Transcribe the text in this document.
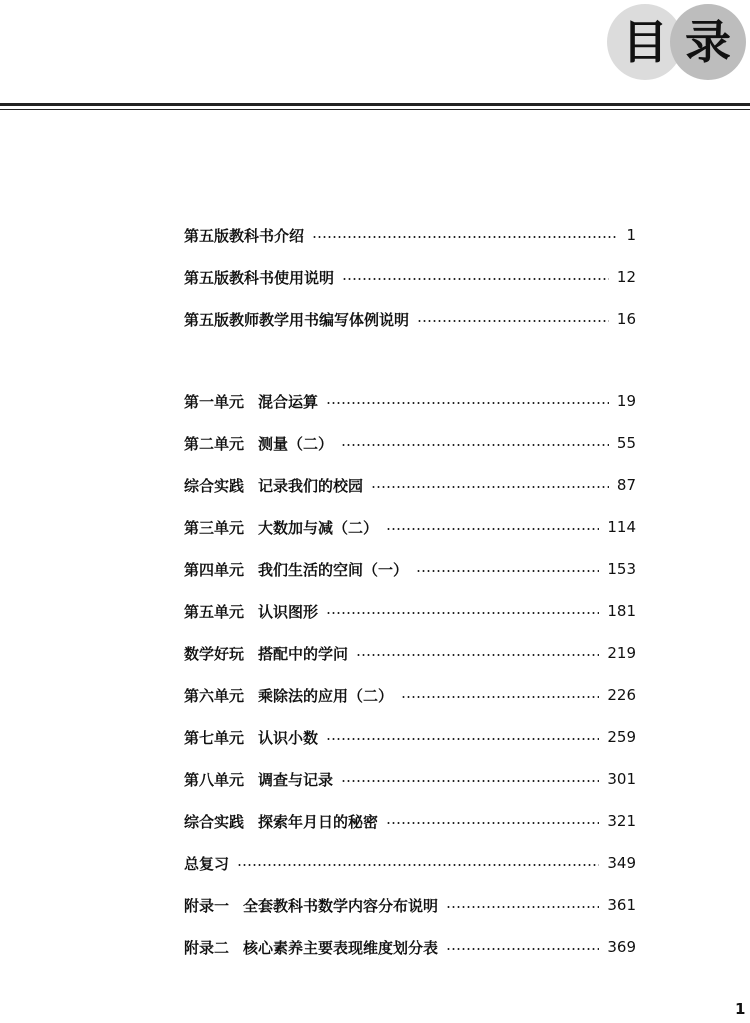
目 录
第五版教科书介绍	1
第五版教科书使用说明	12
第五版教师教学用书编写体例说明	16
第一单元 混合运算	19
第二单元 测量（二）	55
综合实践 记录我们的校园	87
第三单元 大数加与减（二）	114
第四单元 我们生活的空间（一）	153
第五单元 认识图形	181
数学好玩 搭配中的学问	219
第六单元 乘除法的应用（二）	226
第七单元 认识小数	259
第八单元 调查与记录	301
综合实践 探索年月日的秘密	321
总复习	349
附录一 全套教科书数学内容分布说明	361
附录二 核心素养主要表现维度划分表	369
1
